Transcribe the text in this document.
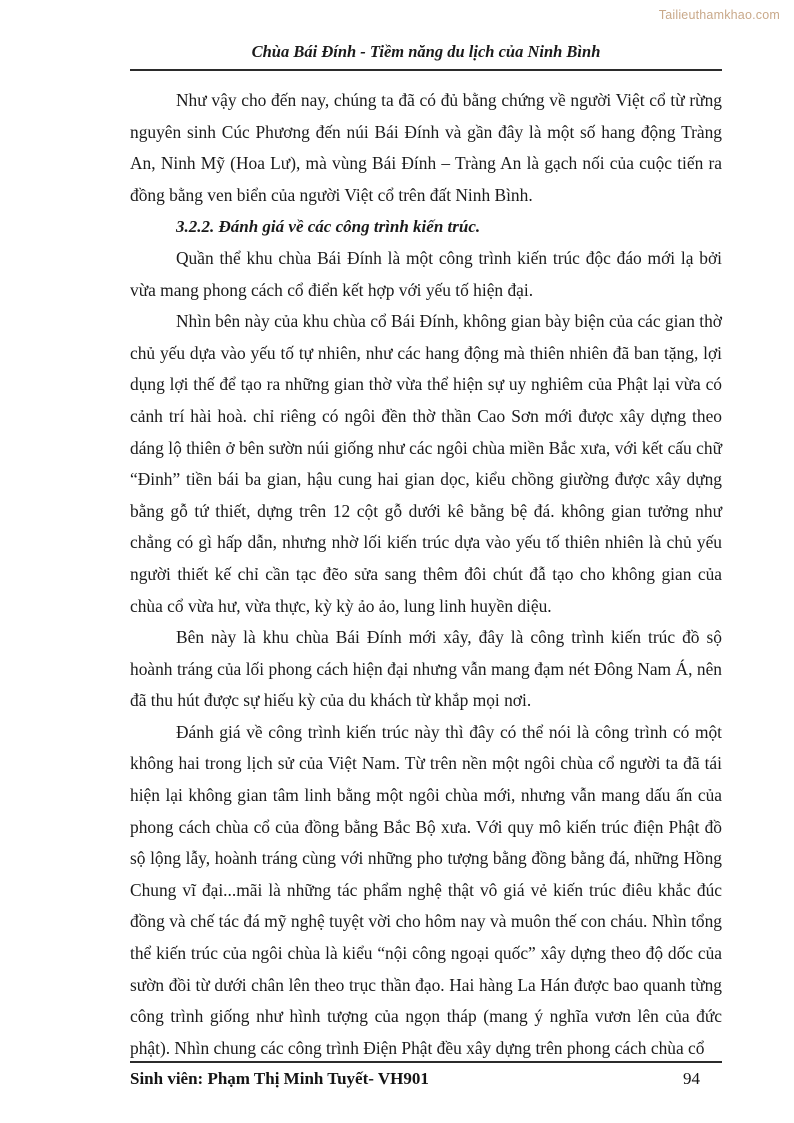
Tailieuthamkhao.com
Chùa Bái Đính - Tiềm năng du lịch của Ninh Bình

Như vậy cho đến nay, chúng ta đã có đủ bằng chứng về người Việt cổ từ rừng nguyên sinh Cúc Phương đến núi Bái Đính và gần đây là một số hang động Tràng An, Ninh Mỹ (Hoa Lư), mà vùng Bái Đính – Tràng An là gạch nối của cuộc tiến ra đồng bằng ven biển của người Việt cổ trên đất Ninh Bình.

3.2.2. Đánh giá về các công trình kiến trúc.

Quần thể khu chùa Bái Đính là một công trình kiến trúc độc đáo mới lạ bởi vừa mang phong cách cổ điển kết hợp với yếu tố hiện đại.

Nhìn bên này của khu chùa cổ Bái Đính, không gian bày biện của các gian thờ chủ yếu dựa vào yếu tố tự nhiên, như các hang động mà thiên nhiên đã ban tặng, lợi dụng lợi thế để tạo ra những gian thờ vừa thể hiện sự uy nghiêm của Phật lại vừa có cảnh trí hài hoà. chỉ riêng có ngôi đền thờ thần Cao Sơn mới được xây dựng theo dáng lộ thiên ở bên sườn núi giống như các ngôi chùa miền Bắc xưa, với kết cấu chữ “Đinh” tiền bái ba gian, hậu cung hai gian dọc, kiểu chồng giường được xây dựng bằng gỗ tứ thiết, dựng trên 12 cột gỗ dưới kê bằng bệ đá. không gian tưởng như chẳng có gì hấp dẫn, nhưng nhờ lối kiến trúc dựa vào yếu tố thiên nhiên là chủ yếu người thiết kế chỉ cần tạc đẽo sửa sang thêm đôi chút đẫ tạo cho không gian của chùa cổ vừa hư, vừa thực, kỳ kỳ ảo ảo, lung linh huyền diệu.

Bên này là khu chùa Bái Đính mới xây, đây là công trình kiến trúc đồ sộ hoành tráng của lối phong cách hiện đại nhưng vẫn mang đạm nét Đông Nam Á, nên đã thu hút được sự hiếu kỳ của du khách từ khắp mọi nơi.

Đánh giá về công trình kiến trúc này thì đây có thể nói là công trình có một không hai trong lịch sử của Việt Nam. Từ trên nền một ngôi chùa cổ người ta đã tái hiện lại không gian tâm linh bằng một ngôi chùa mới, nhưng vẫn mang dấu ấn của phong cách chùa cổ của đồng bằng Bắc Bộ xưa. Với quy mô kiến trúc điện Phật đồ sộ lộng lẫy, hoành tráng cùng với những pho tượng bằng đồng bằng đá, những Hồng Chung vĩ đại...mãi là những tác phẩm nghệ thật vô giá vẻ kiến trúc điêu khắc đúc đồng và chế tác đá mỹ nghệ tuyệt vời cho hôm nay và muôn thế con cháu. Nhìn tổng thể kiến trúc của ngôi chùa là kiểu “nội công ngoại quốc” xây dựng theo độ dốc của sườn đồi từ dưới chân lên theo trục thần đạo. Hai hàng La Hán được bao quanh từng công trình giống như hình tượng của ngọn tháp (mang ý nghĩa vươn lên của đức phật). Nhìn chung các công trình Điện Phật đều xây dựng trên phong cách chùa cổ

Sinh viên: Phạm Thị Minh Tuyết- VH901	94
